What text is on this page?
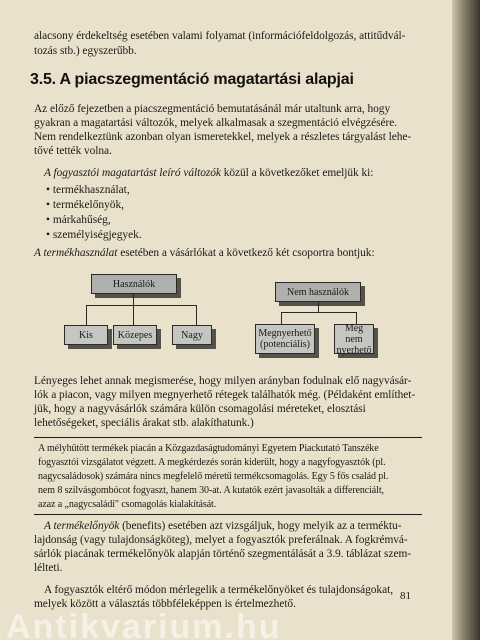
alacsony érdekeltség esetében valami folyamat (információfeldolgozás, attitűdvál-
tozás stb.) egyszerűbb.
3.5. A piacszegmentáció magatartási alapjai
Az előző fejezetben a piacszegmentáció bemutatásánál már utaltunk arra, hogy
gyakran a magatartási változók, melyek alkalmasak a szegmentáció elvégzésére.
Nem rendelkeztünk azonban olyan ismeretekkel, melyek a részletes tárgyalást lehe-
tővé tették volna.
A fogyasztói magatartást leíró változók közül a következőket emeljük ki:
• termékhasználat,
• termékelőnyök,
• márkahűség,
• személyiségjegyek.
A termékhasználat esetében a vásárlókat a következő két csoportra bontjuk:
Használók
Kis	Közepes	Nagy
Nem használók
Megnyerhető
(potenciális)
Meg nem
nyerhető
Lényeges lehet annak megismerése, hogy milyen arányban fodulnak elő nagyvásár-
lók a piacon, vagy milyen megnyerhető rétegek találhatók még. (Példaként említhet-
jük, hogy a nagyvásárlók számára külön csomagolási méreteket, elosztási
lehetőségeket, speciális árakat stb. alakíthatunk.)
A mélyhűtött termékek piacán a Közgazdaságtudományi Egyetem Piackutató Tanszéke
fogyasztói vizsgálatot végzett. A megkérdezés során kiderült, hogy a nagyfogyasztók (pl.
nagycsaládosok) számára nincs megfelelő méretű termékcsomagolás. Egy 5 fős család pl.
nem 8 szilvásgombócot fogyaszt, hanem 30-at. A kutatók ezért javasolták a differenciált,
azaz a „nagycsaládi" csomagolás kialakítását.
A termékelőnyök (benefits) esetében azt vizsgáljuk, hogy melyik az a terméktu-
lajdonság (vagy tulajdonságköteg), melyet a fogyasztók preferálnak. A fogkrémvá-
sárlók piacának termékelőnyök alapján történő szegmentálását a 3.9. táblázat szem-
lélteti.
A fogyasztók eltérő módon mérlegelik a termékelőnyöket és tulajdonságokat,
melyek között a választás többféleképpen is értelmezhető.
81
Antikvarium.hu
